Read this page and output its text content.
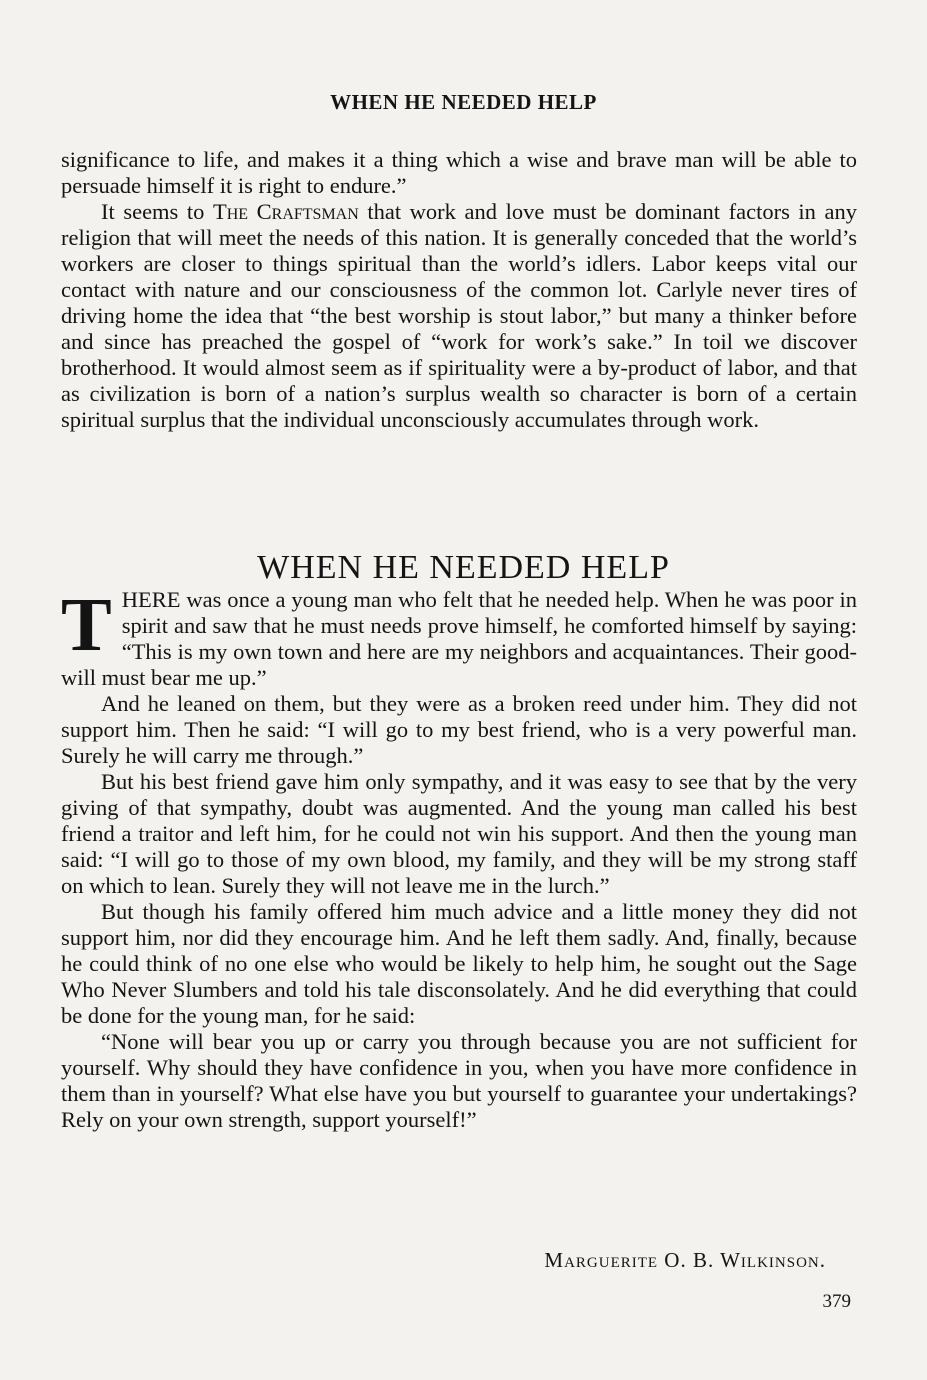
WHEN HE NEEDED HELP

significance to life, and makes it a thing which a wise and brave man will be able to persuade himself it is right to endure.”

It seems to The Craftsman that work and love must be dominant factors in any religion that will meet the needs of this nation. It is generally conceded that the world’s workers are closer to things spiritual than the world’s idlers. Labor keeps vital our contact with nature and our consciousness of the common lot. Carlyle never tires of driving home the idea that “the best worship is stout labor,” but many a thinker before and since has preached the gospel of “work for work’s sake.” In toil we discover brotherhood. It would almost seem as if spirituality were a by-product of labor, and that as civilization is born of a nation’s surplus wealth so character is born of a certain spiritual surplus that the individual unconsciously accumulates through work.

WHEN HE NEEDED HELP

THERE was once a young man who felt that he needed help. When he was poor in spirit and saw that he must needs prove himself, he comforted himself by saying: “This is my own town and here are my neighbors and acquaintances. Their good-will must bear me up.”

And he leaned on them, but they were as a broken reed under him. They did not support him. Then he said: “I will go to my best friend, who is a very powerful man. Surely he will carry me through.”

But his best friend gave him only sympathy, and it was easy to see that by the very giving of that sympathy, doubt was augmented. And the young man called his best friend a traitor and left him, for he could not win his support. And then the young man said: “I will go to those of my own blood, my family, and they will be my strong staff on which to lean. Surely they will not leave me in the lurch.”

But though his family offered him much advice and a little money they did not support him, nor did they encourage him. And he left them sadly. And, finally, because he could think of no one else who would be likely to help him, he sought out the Sage Who Never Slumbers and told his tale disconsolately. And he did everything that could be done for the young man, for he said:

“None will bear you up or carry you through because you are not sufficient for yourself. Why should they have confidence in you, when you have more confidence in them than in yourself? What else have you but yourself to guarantee your undertakings? Rely on your own strength, support yourself!”

Marguerite O. B. Wilkinson.
379
